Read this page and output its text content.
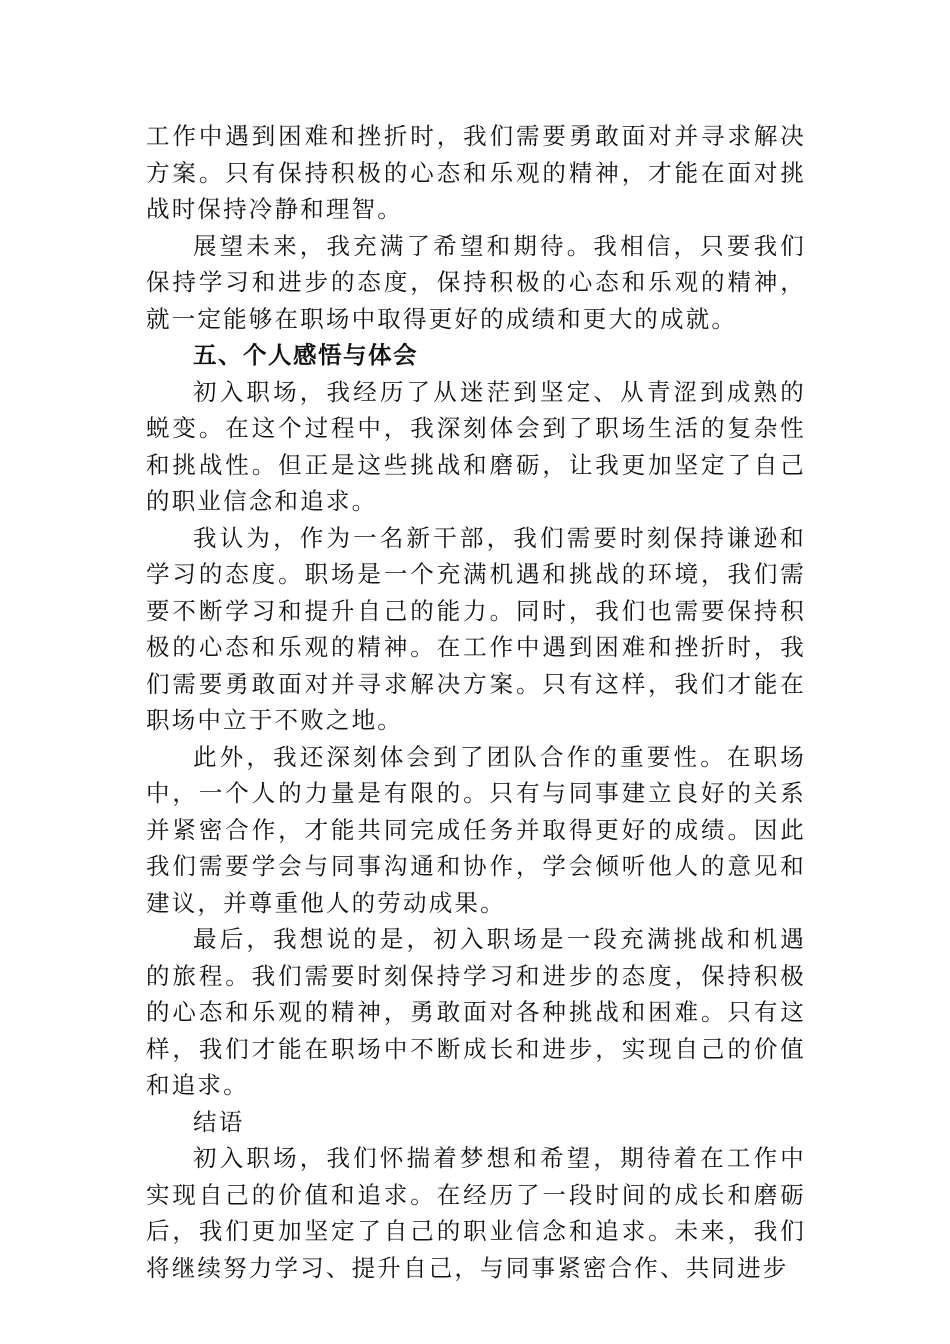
工作中遇到困难和挫折时，我们需要勇敢面对并寻求解决方案。只有保持积极的心态和乐观的精神，才能在面对挑战时保持冷静和理智。

展望未来，我充满了希望和期待。我相信，只要我们保持学习和进步的态度，保持积极的心态和乐观的精神，就一定能够在职场中取得更好的成绩和更大的成就。

五、个人感悟与体会

初入职场，我经历了从迷茫到坚定、从青涩到成熟的蜕变。在这个过程中，我深刻体会到了职场生活的复杂性和挑战性。但正是这些挑战和磨砺，让我更加坚定了自己的职业信念和追求。

我认为，作为一名新干部，我们需要时刻保持谦逊和学习的态度。职场是一个充满机遇和挑战的环境，我们需要不断学习和提升自己的能力。同时，我们也需要保持积极的心态和乐观的精神。在工作中遇到困难和挫折时，我们需要勇敢面对并寻求解决方案。只有这样，我们才能在职场中立于不败之地。

此外，我还深刻体会到了团队合作的重要性。在职场中，一个人的力量是有限的。只有与同事建立良好的关系并紧密合作，才能共同完成任务并取得更好的成绩。因此我们需要学会与同事沟通和协作，学会倾听他人的意见和建议，并尊重他人的劳动成果。

最后，我想说的是，初入职场是一段充满挑战和机遇的旅程。我们需要时刻保持学习和进步的态度，保持积极的心态和乐观的精神，勇敢面对各种挑战和困难。只有这样，我们才能在职场中不断成长和进步，实现自己的价值和追求。

结语

初入职场，我们怀揣着梦想和希望，期待着在工作中实现自己的价值和追求。在经历了一段时间的成长和磨砺后，我们更加坚定了自己的职业信念和追求。未来，我们将继续努力学习、提升自己，与同事紧密合作、共同进步
